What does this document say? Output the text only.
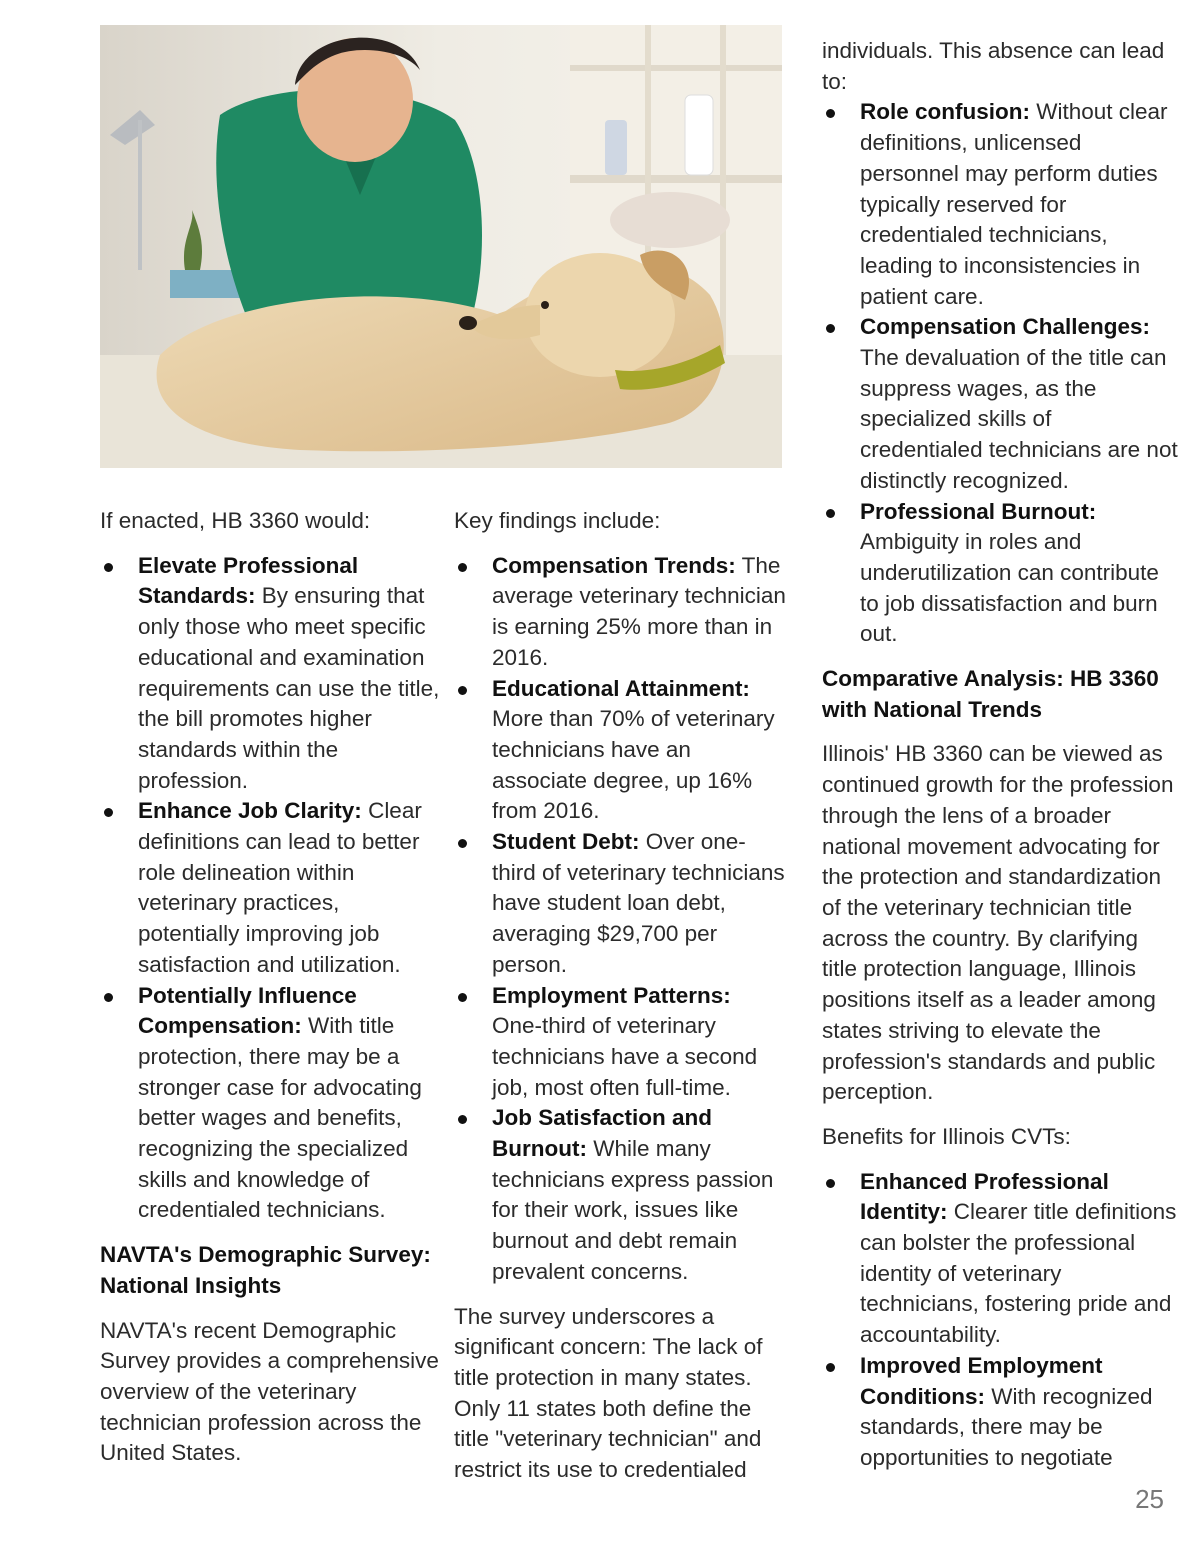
If enacted, HB 3360 would:

Elevate Professional Standards: By ensuring that only those who meet specific educational and examination requirements can use the title, the bill promotes higher standards within the profession.
Enhance Job Clarity: Clear definitions can lead to better role delineation within veterinary practices, potentially improving job satisfaction and utilization.
Potentially Influence Compensation: With title protection, there may be a stronger case for advocating better wages and benefits, recognizing the specialized skills and knowledge of credentialed technicians.
NAVTA's Demographic Survey: National Insights

NAVTA's recent Demographic Survey provides a comprehensive overview of the veterinary technician profession across the United States.

Key findings include:

Compensation Trends: The average veterinary technician is earning 25% more than in 2016.
Educational Attainment: More than 70% of veterinary technicians have an associate degree, up 16% from 2016.
Student Debt: Over one-third of veterinary technicians have student loan debt, averaging $29,700 per person.
Employment Patterns: One-third of veterinary technicians have a second job, most often full-time.
Job Satisfaction and Burnout: While many technicians express passion for their work, issues like burnout and debt remain prevalent concerns.

The survey underscores a significant concern: The lack of title protection in many states. Only 11 states both define the title "veterinary technician" and restrict its use to credentialed

individuals. This absence can lead to:

Role confusion: Without clear definitions, unlicensed personnel may perform duties typically reserved for credentialed technicians, leading to inconsistencies in patient care.
Compensation Challenges: The devaluation of the title can suppress wages, as the specialized skills of credentialed technicians are not distinctly recognized.
Professional Burnout: Ambiguity in roles and underutilization can contribute to job dissatisfaction and burn out.
Comparative Analysis: HB 3360 with National Trends

Illinois' HB 3360 can be viewed as continued growth for the profession through the lens of a broader national movement advocating for the protection and standardization of the veterinary technician title across the country. By clarifying title protection language, Illinois positions itself as a leader among states striving to elevate the profession's standards and public perception.

Benefits for Illinois CVTs:

Enhanced Professional Identity: Clearer title definitions can bolster the professional identity of veterinary technicians, fostering pride and accountability.
Improved Employment Conditions: With recognized standards, there may be opportunities to negotiate
25
